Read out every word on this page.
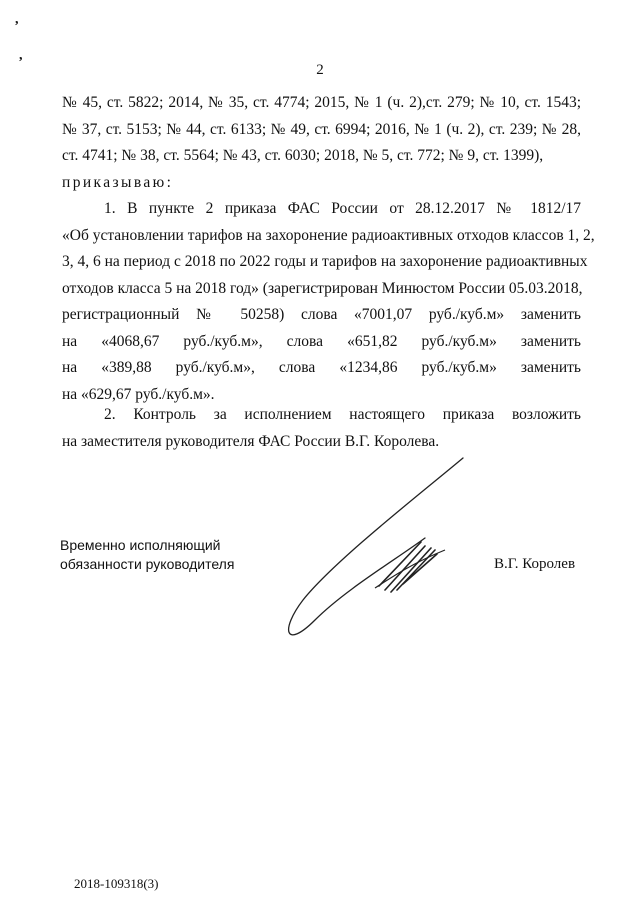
,
,
2
№ 45, ст. 5822; 2014, № 35, ст. 4774; 2015, № 1 (ч. 2),ст. 279; № 10, ст. 1543;
№ 37, ст. 5153; № 44, ст. 6133; № 49, ст. 6994; 2016, № 1 (ч. 2), ст. 239; № 28,
ст. 4741; № 38, ст. 5564; № 43, ст. 6030; 2018, № 5, ст. 772; № 9, ст. 1399),
приказываю:
1. В пункте 2 приказа ФАС России от 28.12.2017 № 1812/17
«Об установлении тарифов на захоронение радиоактивных отходов классов 1, 2,
3, 4, 6 на период с 2018 по 2022 годы и тарифов на захоронение радиоактивных
отходов класса 5 на 2018 год» (зарегистрирован Минюстом России 05.03.2018,
регистрационный № 50258) слова «7001,07 руб./куб.м» заменить
на «4068,67 руб./куб.м», слова «651,82 руб./куб.м» заменить
на «389,88 руб./куб.м», слова «1234,86 руб./куб.м» заменить
на «629,67 руб./куб.м».
2. Контроль за исполнением настоящего приказа возложить
на заместителя руководителя ФАС России В.Г. Королева.
Временно исполняющий
обязанности руководителя	В.Г. Королев
2018-109318(3)
